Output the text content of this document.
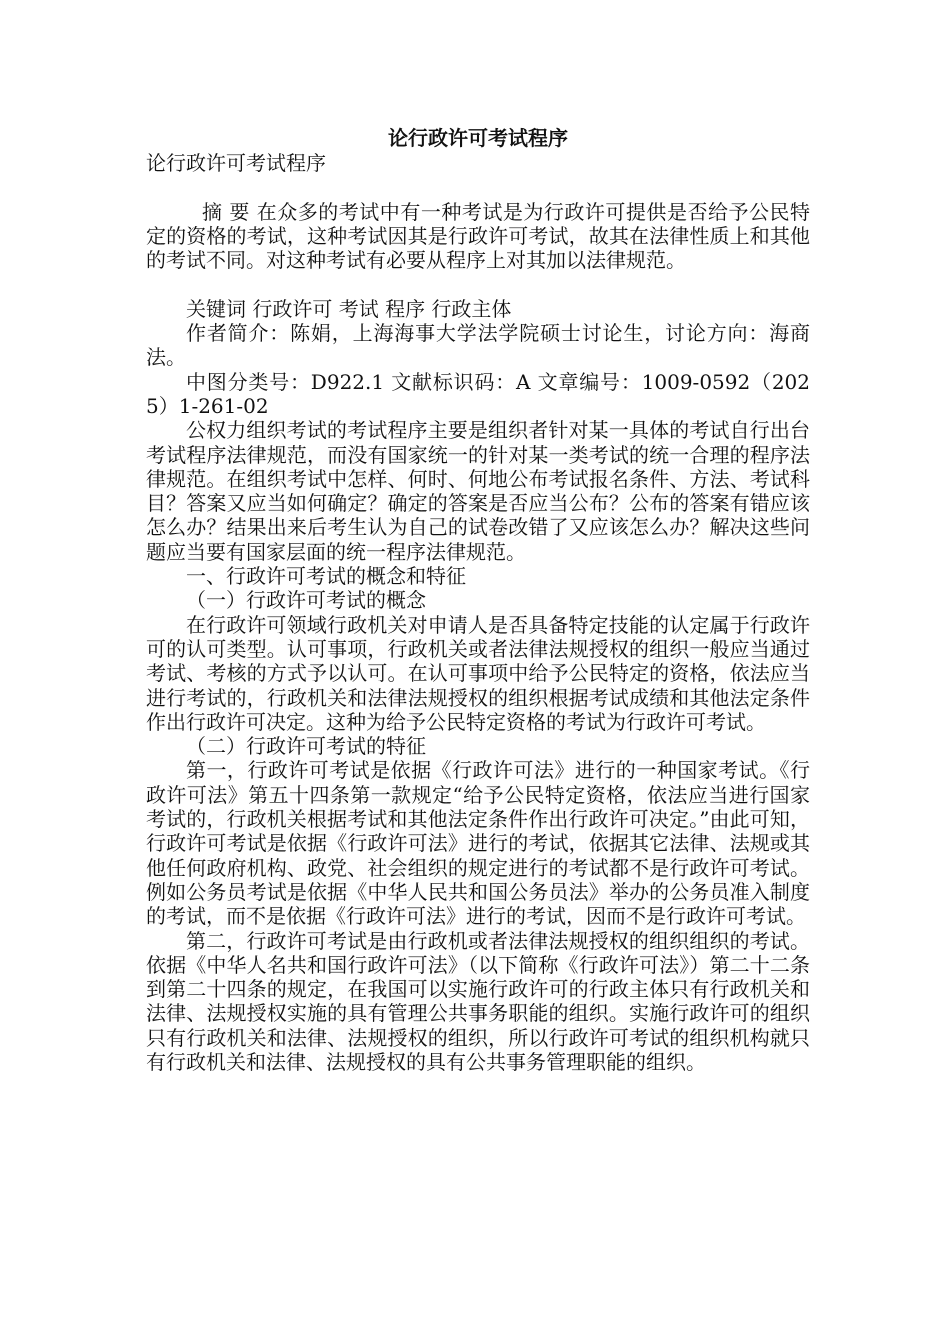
论行政许可考试程序

论行政许可考试程序

摘 要 在众多的考试中有一种考试是为行政许可提供是否给予公民特定的资格的考试，这种考试因其是行政许可考试，故其在法律性质上和其他的考试不同。对这种考试有必要从程序上对其加以法律规范。

关键词 行政许可 考试 程序 行政主体

作者简介：陈娟，上海海事大学法学院硕士讨论生，讨论方向：海商法。

中图分类号：D922.1 文献标识码：A 文章编号：1009-0592（2025）1-261-02

公权力组织考试的考试程序主要是组织者针对某一具体的考试自行出台考试程序法律规范，而没有国家统一的针对某一类考试的统一合理的程序法律规范。在组织考试中怎样、何时、何地公布考试报名条件、方法、考试科目？答案又应当如何确定？确定的答案是否应当公布？公布的答案有错应该怎么办？结果出来后考生认为自己的试卷改错了又应该怎么办？解决这些问题应当要有国家层面的统一程序法律规范。

一、行政许可考试的概念和特征

（一）行政许可考试的概念

在行政许可领域行政机关对申请人是否具备特定技能的认定属于行政许可的认可类型。认可事项，行政机关或者法律法规授权的组织一般应当通过考试、考核的方式予以认可。在认可事项中给予公民特定的资格，依法应当进行考试的，行政机关和法律法规授权的组织根据考试成绩和其他法定条件作出行政许可决定。这种为给予公民特定资格的考试为行政许可考试。

（二）行政许可考试的特征

第一，行政许可考试是依据《行政许可法》进行的一种国家考试。《行政许可法》第五十四条第一款规定“给予公民特定资格，依法应当进行国家考试的，行政机关根据考试和其他法定条件作出行政许可决定。”由此可知，行政许可考试是依据《行政许可法》进行的考试，依据其它法律、法规或其他任何政府机构、政党、社会组织的规定进行的考试都不是行政许可考试。例如公务员考试是依据《中华人民共和国公务员法》举办的公务员准入制度的考试，而不是依据《行政许可法》进行的考试，因而不是行政许可考试。

第二，行政许可考试是由行政机或者法律法规授权的组织组织的考试。依据《中华人名共和国行政许可法》（以下简称《行政许可法》）第二十二条到第二十四条的规定，在我国可以实施行政许可的行政主体只有行政机关和法律、法规授权实施的具有管理公共事务职能的组织。实施行政许可的组织只有行政机关和法律、法规授权的组织，所以行政许可考试的组织机构就只有行政机关和法律、法规授权的具有公共事务管理职能的组织。
